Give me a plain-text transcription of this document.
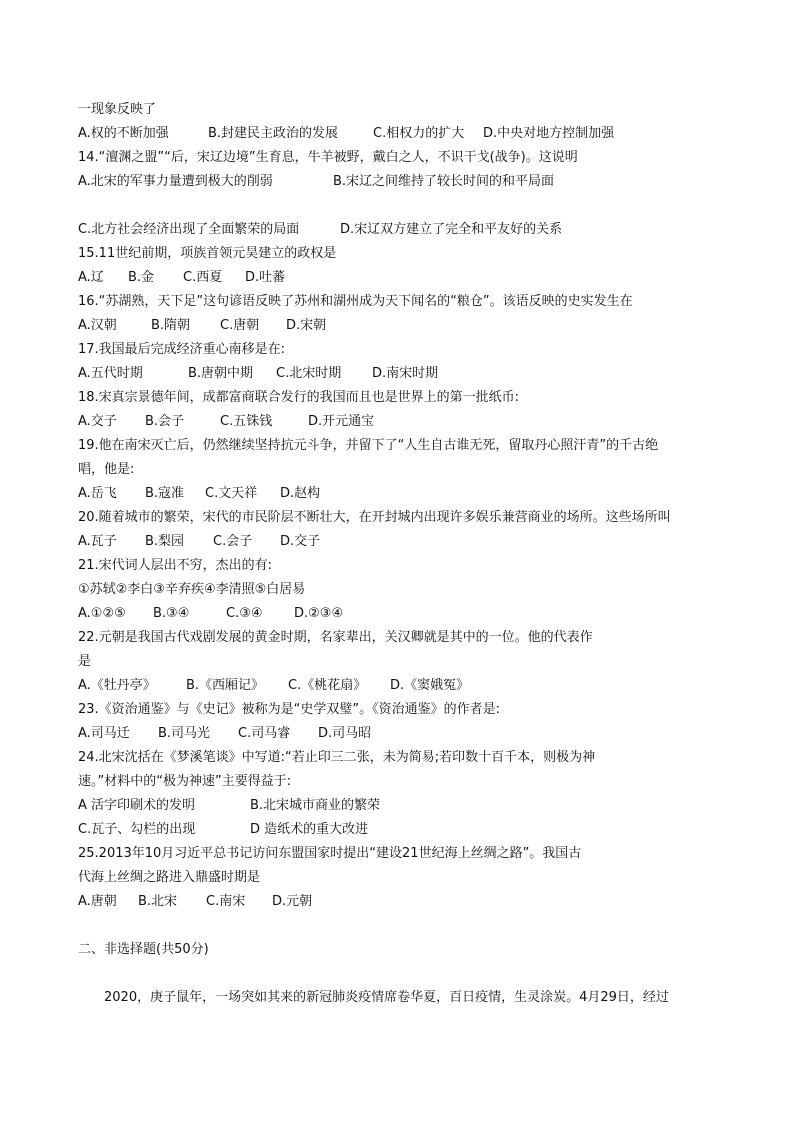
一现象反映了
A.权的不断加强	B.封建民主政治的发展	C.相权力的扩大 D.中央对地方控制加强
14.“澶渊之盟”“后，宋辽边境”生育息，牛羊被野，戴白之人，不识干戈(战争)。这说明
A.北宋的军事力量遭到极大的削弱	B.宋辽之间维持了较长时间的和平局面
C.北方社会经济出现了全面繁荣的局面	D.宋辽双方建立了完全和平友好的关系
15.11世纪前期，项族首领元昊建立的政权是
A.辽 B.金 C.西夏 D.吐蕃
16.“苏湖熟，天下足”这句谚语反映了苏州和湖州成为天下闻名的“粮仓”。该语反映的史实发生在
A.汉朝	B.隋朝 C.唐朝 D.宋朝
17.我国最后完成经济重心南移是在:
A.五代时期	B.唐朝中期 C.北宋时期 D.南宋时期
18.宋真宗景德年间，成都富商联合发行的我国而且也是世界上的第一批纸币:
A.交子 B.会子	C.五铢钱	D.开元通宝
19.他在南宋灭亡后，仍然继续坚持抗元斗争，并留下了“人生自古谁无死，留取丹心照汗青”的千古绝
唱，他是:
A.岳飞 B.寇准 C.文天祥 D.赵构
20.随着城市的繁荣，宋代的市民阶层不断壮大，在开封城内出现许多娱乐兼营商业的场所。这些场所叫
A.瓦子 B.梨园 C.会子 D.交子
21.宋代词人层出不穷，杰出的有:
①苏轼②李白③辛弃疾④李清照⑤白居易
A.①②⑤ B.③④	C.③④ D.②③④
22.元朝是我国古代戏剧发展的黄金时期，名家辈出，关汉卿就是其中的一位。他的代表作
是
A.《牡丹亭》 B.《西厢记》 C.《桃花扇》 D.《窦娥冤》
23.《资治通鉴》与《史记》被称为是“史学双璧”。《资治通鉴》的作者是:
A.司马迁 B.司马光 C.司马睿 D.司马昭
24.北宋沈括在《梦溪笔谈》中写道:“若止印三二张，未为简易;若印数十百千本，则极为神
速。”材料中的“极为神速”主要得益于:
A 活字印刷术的发明	B.北宋城市商业的繁荣
C.瓦子、勾栏的出现	D 造纸术的重大改进
25.2013年10月习近平总书记访问东盟国家时提出“建设21世纪海上丝绸之路”。我国古
代海上丝绸之路进入鼎盛时期是
A.唐朝 B.北宋 C.南宋 D.元朝
二、非选择题(共50分)
2020，庚子鼠年，一场突如其来的新冠肺炎疫情席卷华夏，百日疫情，生灵涂炭。4月29日，经过
